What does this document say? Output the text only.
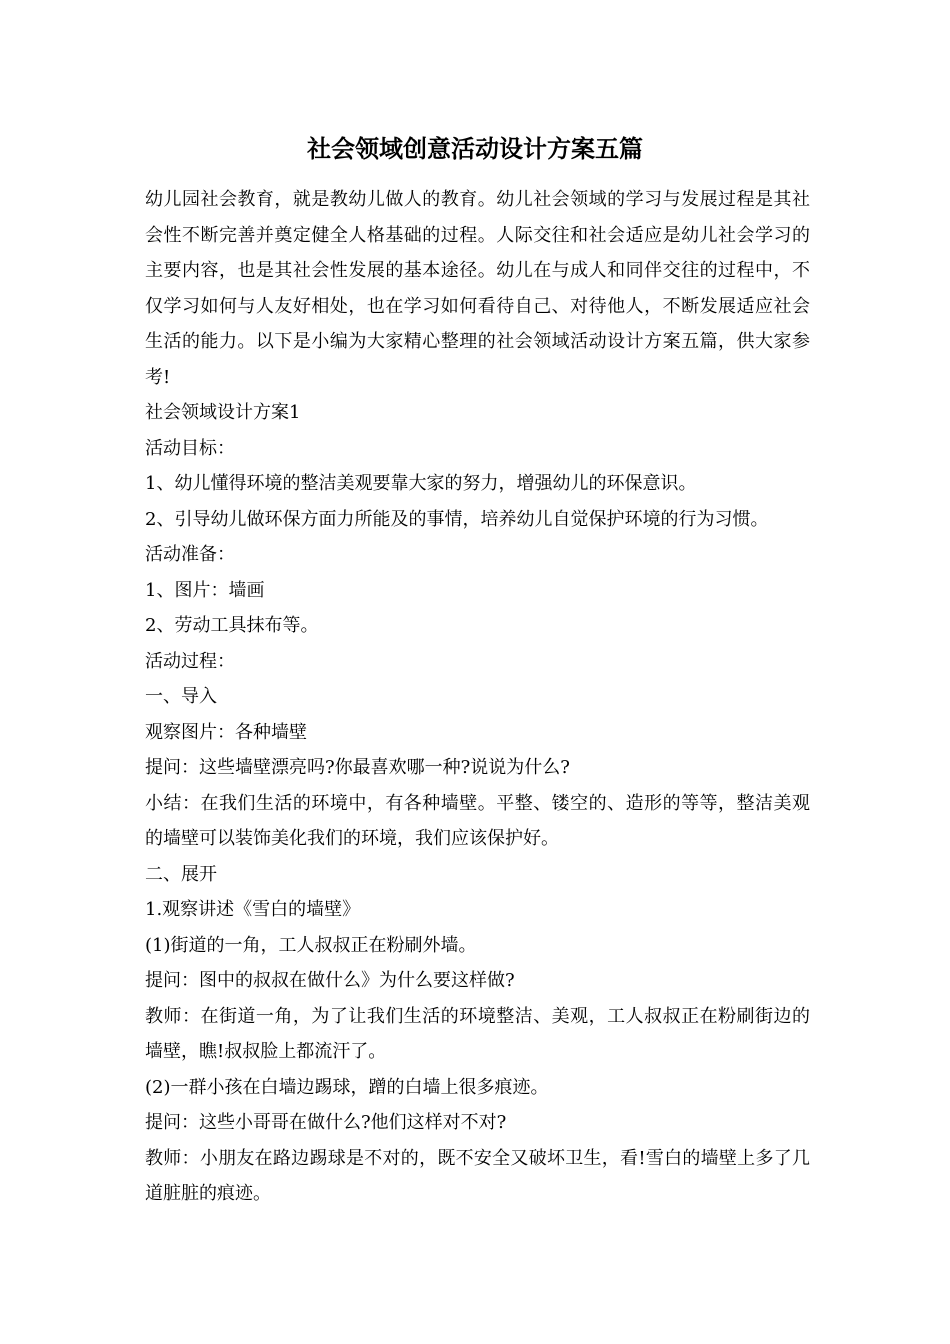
社会领域创意活动设计方案五篇

幼儿园社会教育，就是教幼儿做人的教育。幼儿社会领域的学习与发展过程是其社会性不断完善并奠定健全人格基础的过程。人际交往和社会适应是幼儿社会学习的主要内容，也是其社会性发展的基本途径。幼儿在与成人和同伴交往的过程中，不仅学习如何与人友好相处，也在学习如何看待自己、对待他人，不断发展适应社会生活的能力。以下是小编为大家精心整理的社会领域活动设计方案五篇，供大家参考!

社会领域设计方案1

活动目标：

1、幼儿懂得环境的整洁美观要靠大家的努力，增强幼儿的环保意识。

2、引导幼儿做环保方面力所能及的事情，培养幼儿自觉保护环境的行为习惯。

活动准备：

1、图片：墙画

2、劳动工具抹布等。

活动过程：

一、导入

观察图片：各种墙壁

提问：这些墙壁漂亮吗?你最喜欢哪一种?说说为什么?

小结：在我们生活的环境中，有各种墙壁。平整、镂空的、造形的等等，整洁美观的墙壁可以装饰美化我们的环境，我们应该保护好。

二、展开

1.观察讲述《雪白的墙壁》

(1)街道的一角，工人叔叔正在粉刷外墙。

提问：图中的叔叔在做什么》为什么要这样做?

教师：在街道一角，为了让我们生活的环境整洁、美观，工人叔叔正在粉刷街边的墙壁，瞧!叔叔脸上都流汗了。

(2)一群小孩在白墙边踢球，蹭的白墙上很多痕迹。

提问：这些小哥哥在做什么?他们这样对不对?

教师：小朋友在路边踢球是不对的，既不安全又破坏卫生，看!雪白的墙壁上多了几道脏脏的痕迹。
